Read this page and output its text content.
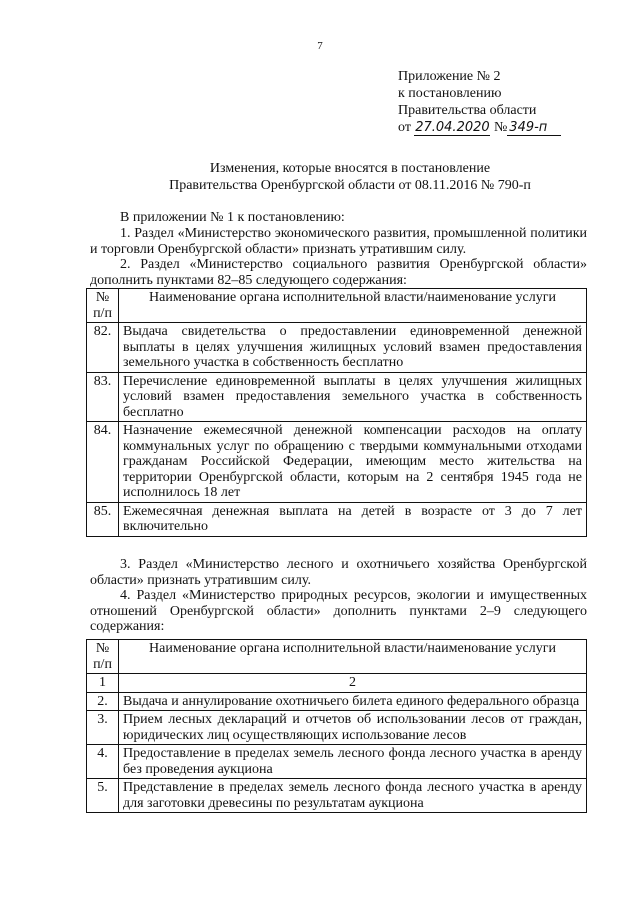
7
Приложение № 2
к постановлению
Правительства области
от 27.04.2020 № 349-п
Изменения, которые вносятся в постановление
Правительства Оренбургской области от 08.11.2016 № 790-п
В приложении № 1 к постановлению:
1. Раздел «Министерство экономического развития, промышленной политики и торговли Оренбургской области» признать утратившим силу.
2. Раздел «Министерство социального развития Оренбургской области» дополнить пунктами 82–85 следующего содержания:
№ п/п	Наименование органа исполнительной власти/наименование услуги
82.	Выдача свидетельства о предоставлении единовременной денежной выплаты в целях улучшения жилищных условий взамен предоставления земельного участка в собственность бесплатно
83.	Перечисление единовременной выплаты в целях улучшения жилищных условий взамен предоставления земельного участка в собственность бесплатно
84.	Назначение ежемесячной денежной компенсации расходов на оплату коммунальных услуг по обращению с твердыми коммунальными отходами гражданам Российской Федерации, имеющим место жительства на территории Оренбургской области, которым на 2 сентября 1945 года не исполнилось 18 лет
85.	Ежемесячная денежная выплата на детей в возрасте от 3 до 7 лет включительно
3. Раздел «Министерство лесного и охотничьего хозяйства Оренбургской области» признать утратившим силу.
4. Раздел «Министерство природных ресурсов, экологии и имущественных отношений Оренбургской области» дополнить пунктами 2–9 следующего содержания:
№ п/п	Наименование органа исполнительной власти/наименование услуги
1	2
2.	Выдача и аннулирование охотничьего билета единого федерального образца
3.	Прием лесных деклараций и отчетов об использовании лесов от граждан, юридических лиц осуществляющих использование лесов
4.	Предоставление в пределах земель лесного фонда лесного участка в аренду без проведения аукциона
5.	Представление в пределах земель лесного фонда лесного участка в аренду для заготовки древесины по результатам аукциона
